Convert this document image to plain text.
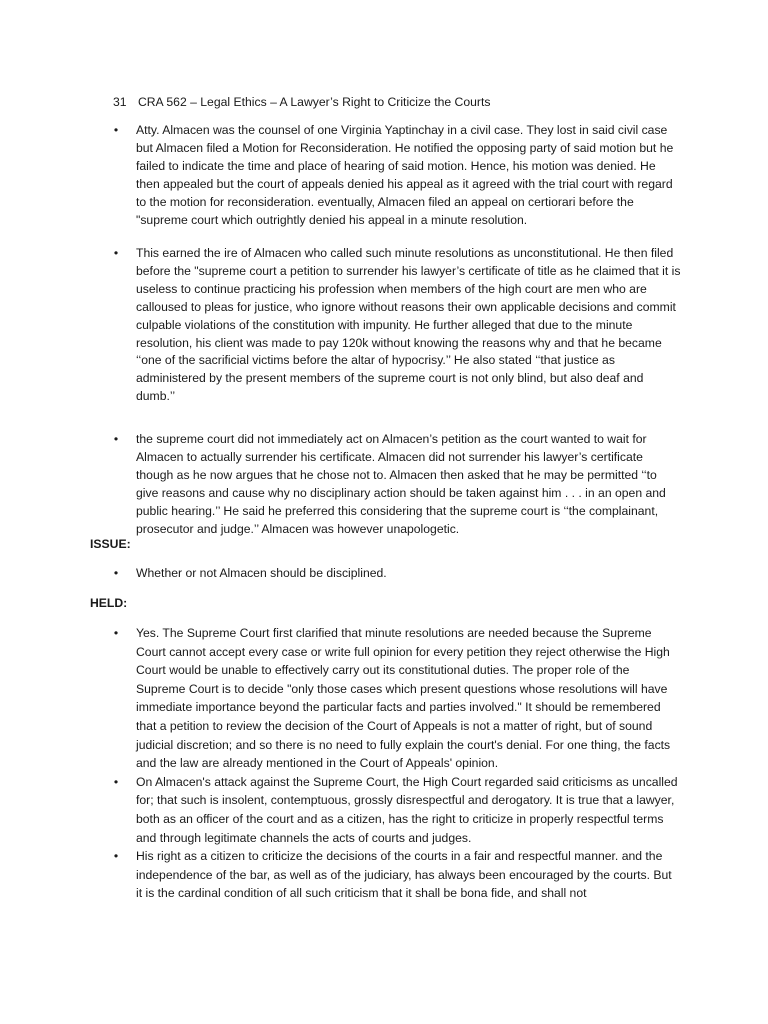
31 CRA 562 – Legal Ethics – A Lawyer’s Right to Criticize the Courts
• Atty. Almacen was the counsel of one Virginia Yaptinchay in a civil case. They lost in said civil case but Almacen filed a Motion for Reconsideration. He notified the opposing party of said motion but he failed to indicate the time and place of hearing of said motion. Hence, his motion was denied. He then appealed but the court of appeals denied his appeal as it agreed with the trial court with regard to the motion for reconsideration. eventually, Almacen filed an appeal on certiorari before the "supreme court which outrightly denied his appeal in a minute resolution.
• This earned the ire of Almacen who called such minute resolutions as unconstitutional. He then filed before the "supreme court a petition to surrender his lawyer’s certificate of title as he claimed that it is useless to continue practicing his profession when members of the high court are men who are calloused to pleas for justice, who ignore without reasons their own applicable decisions and commit culpable violations of the constitution with impunity. He further alleged that due to the minute resolution, his client was made to pay 120k without knowing the reasons why and that he became ‘‘one of the sacrificial victims before the altar of hypocrisy.’’ He also stated ‘‘that justice as administered by the present members of the supreme court is not only blind, but also deaf and dumb.’’
• the supreme court did not immediately act on Almacen’s petition as the court wanted to wait for Almacen to actually surrender his certificate. Almacen did not surrender his lawyer’s certificate though as he now argues that he chose not to. Almacen then asked that he may be permitted ‘‘to give reasons and cause why no disciplinary action should be taken against him . . . in an open and public hearing.’’ He said he preferred this considering that the supreme court is ‘‘the complainant, prosecutor and judge.’’ Almacen was however unapologetic.
ISSUE:
• Whether or not Almacen should be disciplined.
HELD:
• Yes. The Supreme Court first clarified that minute resolutions are needed because the Supreme Court cannot accept every case or write full opinion for every petition they reject otherwise the High Court would be unable to effectively carry out its constitutional duties. The proper role of the Supreme Court is to decide "only those cases which present questions whose resolutions will have immediate importance beyond the particular facts and parties involved." It should be remembered that a petition to review the decision of the Court of Appeals is not a matter of right, but of sound judicial discretion; and so there is no need to fully explain the court's denial. For one thing, the facts and the law are already mentioned in the Court of Appeals' opinion.
• On Almacen's attack against the Supreme Court, the High Court regarded said criticisms as uncalled for; that such is insolent, contemptuous, grossly disrespectful and derogatory. It is true that a lawyer, both as an officer of the court and as a citizen, has the right to criticize in properly respectful terms and through legitimate channels the acts of courts and judges.
• His right as a citizen to criticize the decisions of the courts in a fair and respectful manner. and the independence of the bar, as well as of the judiciary, has always been encouraged by the courts. But it is the cardinal condition of all such criticism that it shall be bona fide, and shall not
